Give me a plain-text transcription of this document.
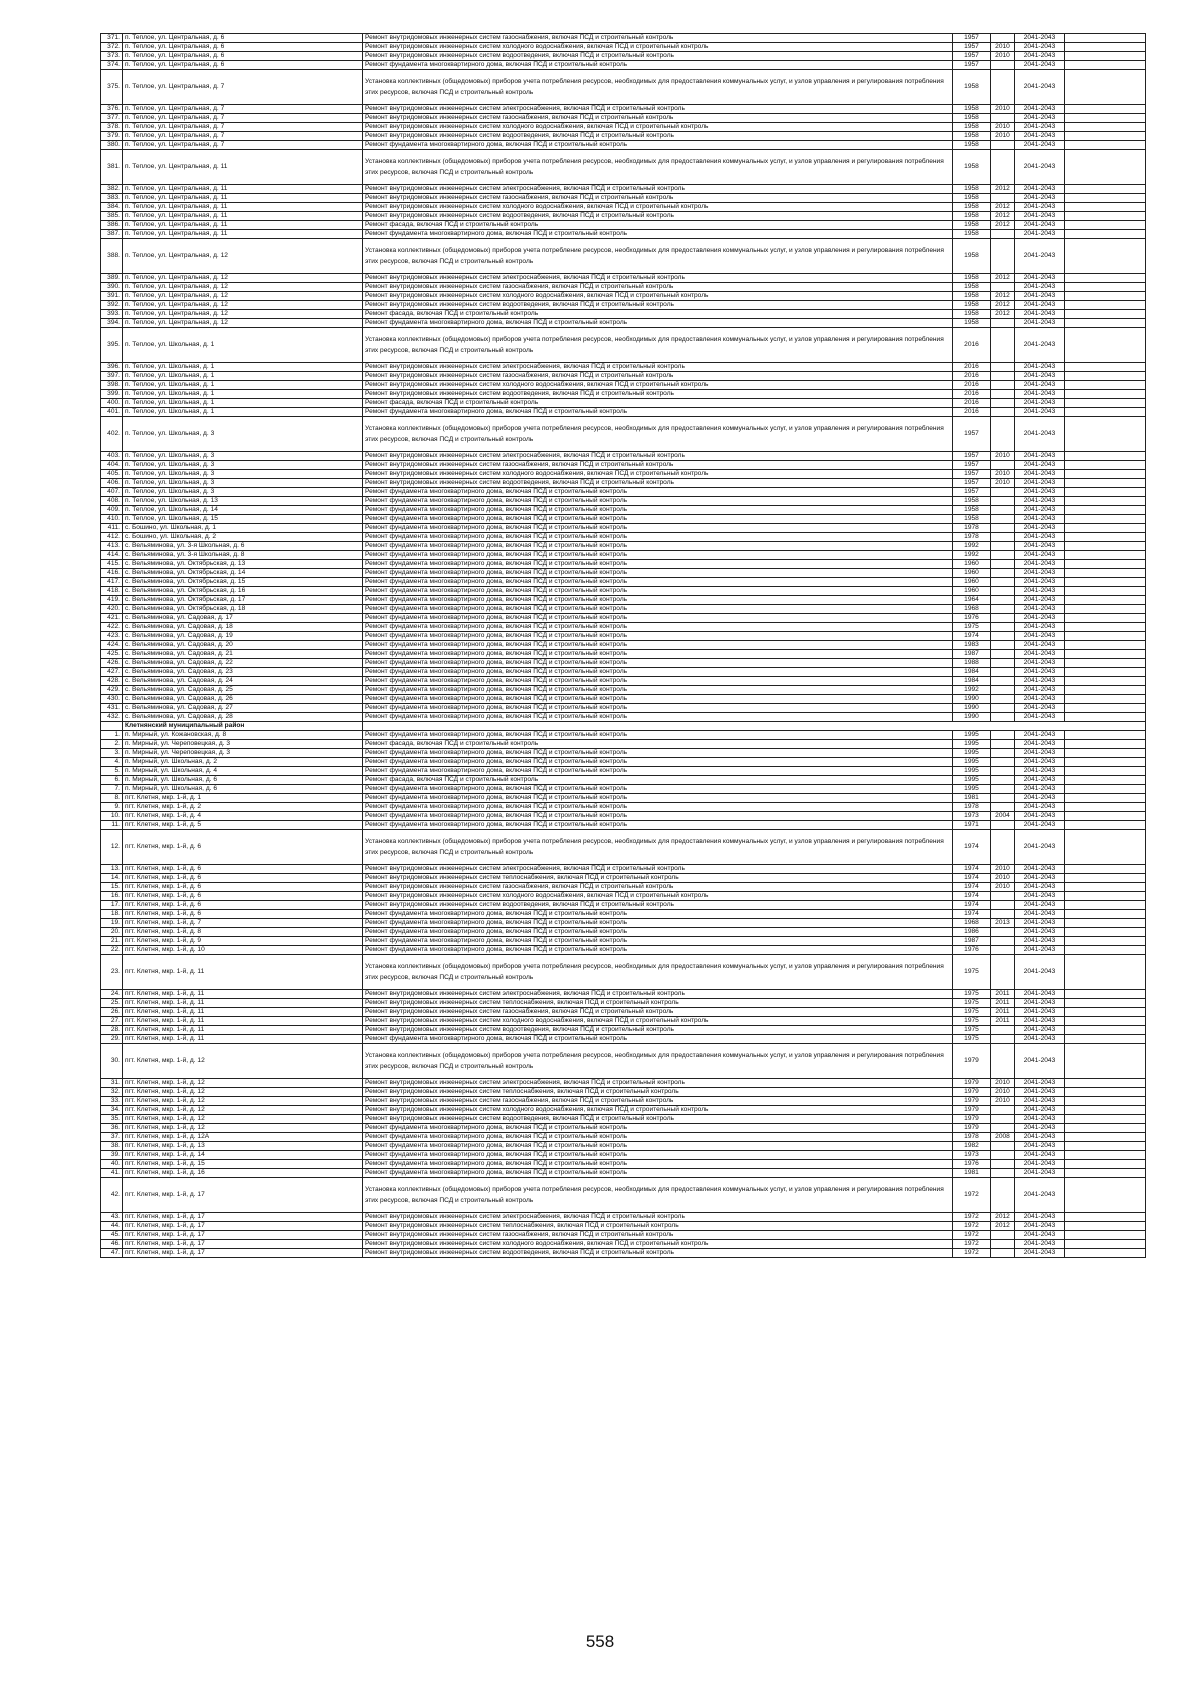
371.	п. Теплое, ул. Центральная, д. 6	Ремонт внутридомовых инженерных систем газоснабжения, включая ПСД и строительный контроль	1957		2041-2043	
372.	п. Теплое, ул. Центральная, д. 6	Ремонт внутридомовых инженерных систем холодного водоснабжения, включая ПСД и строительный контроль	1957	2010	2041-2043	
373.	п. Теплое, ул. Центральная, д. 6	Ремонт внутридомовых инженерных систем водоотведения, включая ПСД и строительный контроль	1957	2010	2041-2043	
374.	п. Теплое, ул. Центральная, д. 6	Ремонт фундамента многоквартирного дома, включая ПСД и строительный контроль	1957		2041-2043	
375.	п. Теплое, ул. Центральная, д. 7	Установка коллективных (общедомовых) приборов учета потребления ресурсов, необходимых для предоставления коммунальных услуг, и узлов управления и регулирования потребления этих ресурсов, включая ПСД и строительный контроль	1958		2041-2043	
376.	п. Теплое, ул. Центральная, д. 7	Ремонт внутридомовых инженерных систем электроснабжения, включая ПСД и строительный контроль	1958	2010	2041-2043	
377.	п. Теплое, ул. Центральная, д. 7	Ремонт внутридомовых инженерных систем газоснабжения, включая ПСД и строительный контроль	1958		2041-2043	
378.	п. Теплое, ул. Центральная, д. 7	Ремонт внутридомовых инженерных систем холодного водоснабжения, включая ПСД и строительный контроль	1958	2010	2041-2043	
379.	п. Теплое, ул. Центральная, д. 7	Ремонт внутридомовых инженерных систем водоотведения, включая ПСД и строительный контроль	1958	2010	2041-2043	
380.	п. Теплое, ул. Центральная, д. 7	Ремонт фундамента многоквартирного дома, включая ПСД и строительный контроль	1958		2041-2043	
381.	п. Теплое, ул. Центральная, д. 11	Установка коллективных (общедомовых) приборов учета потребления ресурсов, необходимых для предоставления коммунальных услуг, и узлов управления и регулирования потребления этих ресурсов, включая ПСД и строительный контроль	1958		2041-2043	
382.	п. Теплое, ул. Центральная, д. 11	Ремонт внутридомовых инженерных систем электроснабжения, включая ПСД и строительный контроль	1958	2012	2041-2043	
383.	п. Теплое, ул. Центральная, д. 11	Ремонт внутридомовых инженерных систем газоснабжения, включая ПСД и строительный контроль	1958		2041-2043	
384.	п. Теплое, ул. Центральная, д. 11	Ремонт внутридомовых инженерных систем холодного водоснабжения, включая ПСД и строительный контроль	1958	2012	2041-2043	
385.	п. Теплое, ул. Центральная, д. 11	Ремонт внутридомовых инженерных систем водоотведения, включая ПСД и строительный контроль	1958	2012	2041-2043	
386.	п. Теплое, ул. Центральная, д. 11	Ремонт фасада, включая ПСД и строительный контроль	1958	2012	2041-2043	
387.	п. Теплое, ул. Центральная, д. 11	Ремонт фундамента многоквартирного дома, включая ПСД и строительный контроль	1958		2041-2043	
388.	п. Теплое, ул. Центральная, д. 12	Установка коллективных (общедомовых) приборов учета потребление ресурсов, необходимых для предоставления коммунальных услуг, и узлов управления и регулирования потребления этих ресурсов, включая ПСД и строительный контроль	1958		2041-2043	
389.	п. Теплое, ул. Центральная, д. 12	Ремонт внутридомовых инженерных систем электроснабжения, включая ПСД и строительный контроль	1958	2012	2041-2043	
390.	п. Теплое, ул. Центральная, д. 12	Ремонт внутридомовых инженерных систем газоснабжения, включая ПСД и строительный контроль	1958		2041-2043	
391.	п. Теплое, ул. Центральная, д. 12	Ремонт внутридомовых инженерных систем холодного водоснабжения, включая ПСД и строительный контроль	1958	2012	2041-2043	
392.	п. Теплое, ул. Центральная, д. 12	Ремонт внутридомовых инженерных систем водоотведения, включая ПСД и строительный контроль	1958	2012	2041-2043	
393.	п. Теплое, ул. Центральная, д. 12	Ремонт фасада, включая ПСД и строительный контроль	1958	2012	2041-2043	
394.	п. Теплое, ул. Центральная, д. 12	Ремонт фундамента многоквартирного дома, включая ПСД и строительный контроль	1958		2041-2043	
395.	п. Теплое, ул. Школьная, д. 1	Установка коллективных (общедомовых) приборов учета потребления ресурсов, необходимых для предоставления коммунальных услуг, и узлов управления и регулирования потребления этих ресурсов, включая ПСД и строительный контроль	2016		2041-2043	
396.	п. Теплое, ул. Школьная, д. 1	Ремонт внутридомовых инженерных систем электроснабжения, включая ПСД и строительный контроль	2016		2041-2043	
397.	п. Теплое, ул. Школьная, д. 1	Ремонт внутридомовых инженерных систем газоснабжения, включая ПСД и строительный контроль	2016		2041-2043	
398.	п. Теплое, ул. Школьная, д. 1	Ремонт внутридомовых инженерных систем холодного водоснабжения, включая ПСД и строительный контроль	2016		2041-2043	
399.	п. Теплое, ул. Школьная, д. 1	Ремонт внутридомовых инженерных систем водоотведения, включая ПСД и строительный контроль	2016		2041-2043	
400.	п. Теплое, ул. Школьная, д. 1	Ремонт фасада, включая ПСД и строительный контроль	2016		2041-2043	
401.	п. Теплое, ул. Школьная, д. 1	Ремонт фундамента многоквартирного дома, включая ПСД и строительный контроль	2016		2041-2043	
402.	п. Теплое, ул. Школьная, д. 3	Установка коллективных (общедомовых) приборов учета потребления ресурсов, необходимых для предоставления коммунальных услуг, и узлов управления и регулирования потребления этих ресурсов, включая ПСД и строительный контроль	1957		2041-2043	
403.	п. Теплое, ул. Школьная, д. 3	Ремонт внутридомовых инженерных систем электроснабжения, включая ПСД и строительный контроль	1957	2010	2041-2043	
404.	п. Теплое, ул. Школьная, д. 3	Ремонт внутридомовых инженерных систем газоснабжения, включая ПСД и строительный контроль	1957		2041-2043	
405.	п. Теплое, ул. Школьная, д. 3	Ремонт внутридомовых инженерных систем холодного водоснабжения, включая ПСД и строительный контроль	1957	2010	2041-2043	
406.	п. Теплое, ул. Школьная, д. 3	Ремонт внутридомовых инженерных систем водоотведения, включая ПСД и строительный контроль	1957	2010	2041-2043	
407.	п. Теплое, ул. Школьная, д. 3	Ремонт фундамента многоквартирного дома, включая ПСД и строительный контроль	1957		2041-2043	
408.	п. Теплое, ул. Школьная, д. 13	Ремонт фундамента многоквартирного дома, включая ПСД и строительный контроль	1958		2041-2043	
409.	п. Теплое, ул. Школьная, д. 14	Ремонт фундамента многоквартирного дома, включая ПСД и строительный контроль	1958		2041-2043	
410.	п. Теплое, ул. Школьная, д. 15	Ремонт фундамента многоквартирного дома, включая ПСД и строительный контроль	1958		2041-2043	
411.	с. Бошино, ул. Школьная, д. 1	Ремонт фундамента многоквартирного дома, включая ПСД и строительный контроль	1978		2041-2043	
412.	с. Бошино, ул. Школьная, д. 2	Ремонт фундамента многоквартирного дома, включая ПСД и строительный контроль	1978		2041-2043	
413.	с. Вельяминова, ул. 3-я Школьная, д. 6	Ремонт фундамента многоквартирного дома, включая ПСД и строительный контроль	1992		2041-2043	
414.	с. Вельяминова, ул. 3-я Школьная, д. 8	Ремонт фундамента многоквартирного дома, включая ПСД и строительный контроль	1992		2041-2043	
415.	с. Вельяминова, ул. Октябрьская, д. 13	Ремонт фундамента многоквартирного дома, включая ПСД и строительный контроль	1960		2041-2043	
416.	с. Вельяминова, ул. Октябрьская, д. 14	Ремонт фундамента многоквартирного дома, включая ПСД и строительный контроль	1960		2041-2043	
417.	с. Вельяминова, ул. Октябрьская, д. 15	Ремонт фундамента многоквартирного дома, включая ПСД и строительный контроль	1960		2041-2043	
418.	с. Вельяминова, ул. Октябрьская, д. 16	Ремонт фундамента многоквартирного дома, включая ПСД и строительный контроль	1960		2041-2043	
419.	с. Вельяминова, ул. Октябрьская, д. 17	Ремонт фундамента многоквартирного дома, включая ПСД и строительный контроль	1964		2041-2043	
420.	с. Вельяминова, ул. Октябрьская, д. 18	Ремонт фундамента многоквартирного дома, включая ПСД и строительный контроль	1968		2041-2043	
421.	с. Вельяминова, ул. Садовая, д. 17	Ремонт фундамента многоквартирного дома, включая ПСД и строительный контроль	1976		2041-2043	
422.	с. Вельяминова, ул. Садовая, д. 18	Ремонт фундамента многоквартирного дома, включая ПСД и строительный контроль	1975		2041-2043	
423.	с. Вельяминова, ул. Садовая, д. 19	Ремонт фундамента многоквартирного дома, включая ПСД и строительный контроль	1974		2041-2043	
424.	с. Вельяминова, ул. Садовая, д. 20	Ремонт фундамента многоквартирного дома, включая ПСД и строительный контроль	1983		2041-2043	
425.	с. Вельяминова, ул. Садовая, д. 21	Ремонт фундамента многоквартирного дома, включая ПСД и строительный контроль	1987		2041-2043	
426.	с. Вельяминова, ул. Садовая, д. 22	Ремонт фундамента многоквартирного дома, включая ПСД и строительный контроль	1988		2041-2043	
427.	с. Вельяминова, ул. Садовая, д. 23	Ремонт фундамента многоквартирного дома, включая ПСД и строительный контроль	1984		2041-2043	
428.	с. Вельяминова, ул. Садовая, д. 24	Ремонт фундамента многоквартирного дома, включая ПСД и строительный контроль	1984		2041-2043	
429.	с. Вельяминова, ул. Садовая, д. 25	Ремонт фундамента многоквартирного дома, включая ПСД и строительный контроль	1992		2041-2043	
430.	с. Вельяминова, ул. Садовая, д. 26	Ремонт фундамента многоквартирного дома, включая ПСД и строительный контроль	1990		2041-2043	
431.	с. Вельяминова, ул. Садовая, д. 27	Ремонт фундамента многоквартирного дома, включая ПСД и строительный контроль	1990		2041-2043	
432.	с. Вельяминова, ул. Садовая, д. 28	Ремонт фундамента многоквартирного дома, включая ПСД и строительный контроль	1990		2041-2043	
	Клетнянский муниципальный район					
1.	п. Мирный, ул. Кожановская, д. 8	Ремонт фундамента многоквартирного дома, включая ПСД и строительный контроль	1995		2041-2043	
2.	п. Мирный, ул. Череповецкая, д. 3	Ремонт фасада, включая ПСД и строительный контроль	1995		2041-2043	
3.	п. Мирный, ул. Череповецкая, д. 3	Ремонт фундамента многоквартирного дома, включая ПСД и строительный контроль	1995		2041-2043	
4.	п. Мирный, ул. Школьная, д. 2	Ремонт фундамента многоквартирного дома, включая ПСД и строительный контроль	1995		2041-2043	
5.	п. Мирный, ул. Школьная, д. 4	Ремонт фундамента многоквартирного дома, включая ПСД и строительный контроль	1995		2041-2043	
6.	п. Мирный, ул. Школьная, д. 6	Ремонт фасада, включая ПСД и строительный контроль	1995		2041-2043	
7.	п. Мирный, ул. Школьная, д. 6	Ремонт фундамента многоквартирного дома, включая ПСД и строительный контроль	1995		2041-2043	
8.	пгт. Клетня, мкр. 1-й, д. 1	Ремонт фундамента многоквартирного дома, включая ПСД и строительный контроль	1981		2041-2043	
9.	пгт. Клетня, мкр. 1-й, д. 2	Ремонт фундамента многоквартирного дома, включая ПСД и строительный контроль	1978		2041-2043	
10.	пгт. Клетня, мкр. 1-й, д. 4	Ремонт фундамента многоквартирного дома, включая ПСД и строительный контроль	1973	2004	2041-2043	
11.	пгт. Клетня, мкр. 1-й, д. 5	Ремонт фундамента многоквартирного дома, включая ПСД и строительный контроль	1971		2041-2043	
12.	пгт. Клетня, мкр. 1-й, д. 6	Установка коллективных (общедомовых) приборов учета потребления ресурсов, необходимых для предоставления коммунальных услуг, и узлов управления и регулирования потребления этих ресурсов, включая ПСД и строительный контроль	1974		2041-2043	
13.	пгт. Клетня, мкр. 1-й, д. 6	Ремонт внутридомовых инженерных систем электроснабжения, включая ПСД и строительный контроль	1974	2010	2041-2043	
14.	пгт. Клетня, мкр. 1-й, д. 6	Ремонт внутридомовых инженерных систем теплоснабжения, включая ПСД и строительный контроль	1974	2010	2041-2043	
15.	пгт. Клетня, мкр. 1-й, д. 6	Ремонт внутридомовых инженерных систем газоснабжения, включая ПСД и строительный контроль	1974	2010	2041-2043	
16.	пгт. Клетня, мкр. 1-й, д. 6	Ремонт внутридомовых инженерных систем холодного водоснабжения, включая ПСД и строительный контроль	1974		2041-2043	
17.	пгт. Клетня, мкр. 1-й, д. 6	Ремонт внутридомовых инженерных систем водоотведения, включая ПСД и строительный контроль	1974		2041-2043	
18.	пгт. Клетня, мкр. 1-й, д. 6	Ремонт фундамента многоквартирного дома, включая ПСД и строительный контроль	1974		2041-2043	
19.	пгт. Клетня, мкр. 1-й, д. 7	Ремонт фундамента многоквартирного дома, включая ПСД и строительный контроль	1968	2013	2041-2043	
20.	пгт. Клетня, мкр. 1-й, д. 8	Ремонт фундамента многоквартирного дома, включая ПСД и строительный контроль	1986		2041-2043	
21.	пгт. Клетня, мкр. 1-й, д. 9	Ремонт фундамента многоквартирного дома, включая ПСД и строительный контроль	1987		2041-2043	
22.	пгт. Клетня, мкр. 1-й, д. 10	Ремонт фундамента многоквартирного дома, включая ПСД и строительный контроль	1976		2041-2043	
23.	пгт. Клетня, мкр. 1-й, д. 11	Установка коллективных (общедомовых) приборов учета потребления ресурсов, необходимых для предоставления коммунальных услуг, и узлов управления и регулирования потребления этих ресурсов, включая ПСД и строительный контроль	1975		2041-2043	
24.	пгт. Клетня, мкр. 1-й, д. 11	Ремонт внутридомовых инженерных систем электроснабжения, включая ПСД и строительный контроль	1975	2011	2041-2043	
25.	пгт. Клетня, мкр. 1-й, д. 11	Ремонт внутридомовых инженерных систем теплоснабжения, включая ПСД и строительный контроль	1975	2011	2041-2043	
26.	пгт. Клетня, мкр. 1-й, д. 11	Ремонт внутридомовых инженерных систем газоснабжения, включая ПСД и строительный контроль	1975	2011	2041-2043	
27.	пгт. Клетня, мкр. 1-й, д. 11	Ремонт внутридомовых инженерных систем холодного водоснабжения, включая ПСД и строительный контроль	1975	2011	2041-2043	
28.	пгт. Клетня, мкр. 1-й, д. 11	Ремонт внутридомовых инженерных систем водоотведения, включая ПСД и строительный контроль	1975		2041-2043	
29.	пгт. Клетня, мкр. 1-й, д. 11	Ремонт фундамента многоквартирного дома, включая ПСД и строительный контроль	1975		2041-2043	
30.	пгт. Клетня, мкр. 1-й, д. 12	Установка коллективных (общедомовых) приборов учета потребления ресурсов, необходимых для предоставления коммунальных услуг, и узлов управления и регулирования потребления этих ресурсов, включая ПСД и строительный контроль	1979		2041-2043	
31.	пгт. Клетня, мкр. 1-й, д. 12	Ремонт внутридомовых инженерных систем электроснабжения, включая ПСД и строительный контроль	1979	2010	2041-2043	
32.	пгт. Клетня, мкр. 1-й, д. 12	Ремонт внутридомовых инженерных систем теплоснабжения, включая ПСД и строительный контроль	1979	2010	2041-2043	
33.	пгт. Клетня, мкр. 1-й, д. 12	Ремонт внутридомовых инженерных систем газоснабжения, включая ПСД и строительный контроль	1979	2010	2041-2043	
34.	пгт. Клетня, мкр. 1-й, д. 12	Ремонт внутридомовых инженерных систем холодного водоснабжения, включая ПСД и строительный контроль	1979		2041-2043	
35.	пгт. Клетня, мкр. 1-й, д. 12	Ремонт внутридомовых инженерных систем водоотведения, включая ПСД и строительный контроль	1979		2041-2043	
36.	пгт. Клетня, мкр. 1-й, д. 12	Ремонт фундамента многоквартирного дома, включая ПСД и строительный контроль	1979		2041-2043	
37.	пгт. Клетня, мкр. 1-й, д. 12А	Ремонт фундамента многоквартирного дома, включая ПСД и строительный контроль	1978	2008	2041-2043	
38.	пгт. Клетня, мкр. 1-й, д. 13	Ремонт фундамента многоквартирного дома, включая ПСД и строительный контроль	1982		2041-2043	
39.	пгт. Клетня, мкр. 1-й, д. 14	Ремонт фундамента многоквартирного дома, включая ПСД и строительный контроль	1973		2041-2043	
40.	пгт. Клетня, мкр. 1-й, д. 15	Ремонт фундамента многоквартирного дома, включая ПСД и строительный контроль	1976		2041-2043	
41.	пгт. Клетня, мкр. 1-й, д. 16	Ремонт фундамента многоквартирного дома, включая ПСД и строительный контроль	1981		2041-2043	
42.	пгт. Клетня, мкр. 1-й, д. 17	Установка коллективных (общедомовых) приборов учета потребления ресурсов, необходимых для предоставления коммунальных услуг, и узлов управления и регулирования потребления этих ресурсов, включая ПСД и строительный контроль	1972		2041-2043	
43.	пгт. Клетня, мкр. 1-й, д. 17	Ремонт внутридомовых инженерных систем электроснабжения, включая ПСД и строительный контроль	1972	2012	2041-2043	
44.	пгт. Клетня, мкр. 1-й, д. 17	Ремонт внутридомовых инженерных систем теплоснабжения, включая ПСД и строительный контроль	1972	2012	2041-2043	
45.	пгт. Клетня, мкр. 1-й, д. 17	Ремонт внутридомовых инженерных систем газоснабжения, включая ПСД и строительный контроль	1972		2041-2043	
46.	пгт. Клетня, мкр. 1-й, д. 17	Ремонт внутридомовых инженерных систем холодного водоснабжения, включая ПСД и строительный контроль	1972		2041-2043	
47.	пгт. Клетня, мкр. 1-й, д. 17	Ремонт внутридомовых инженерных систем водоотведения, включая ПСД и строительный контроль	1972		2041-2043	
558
